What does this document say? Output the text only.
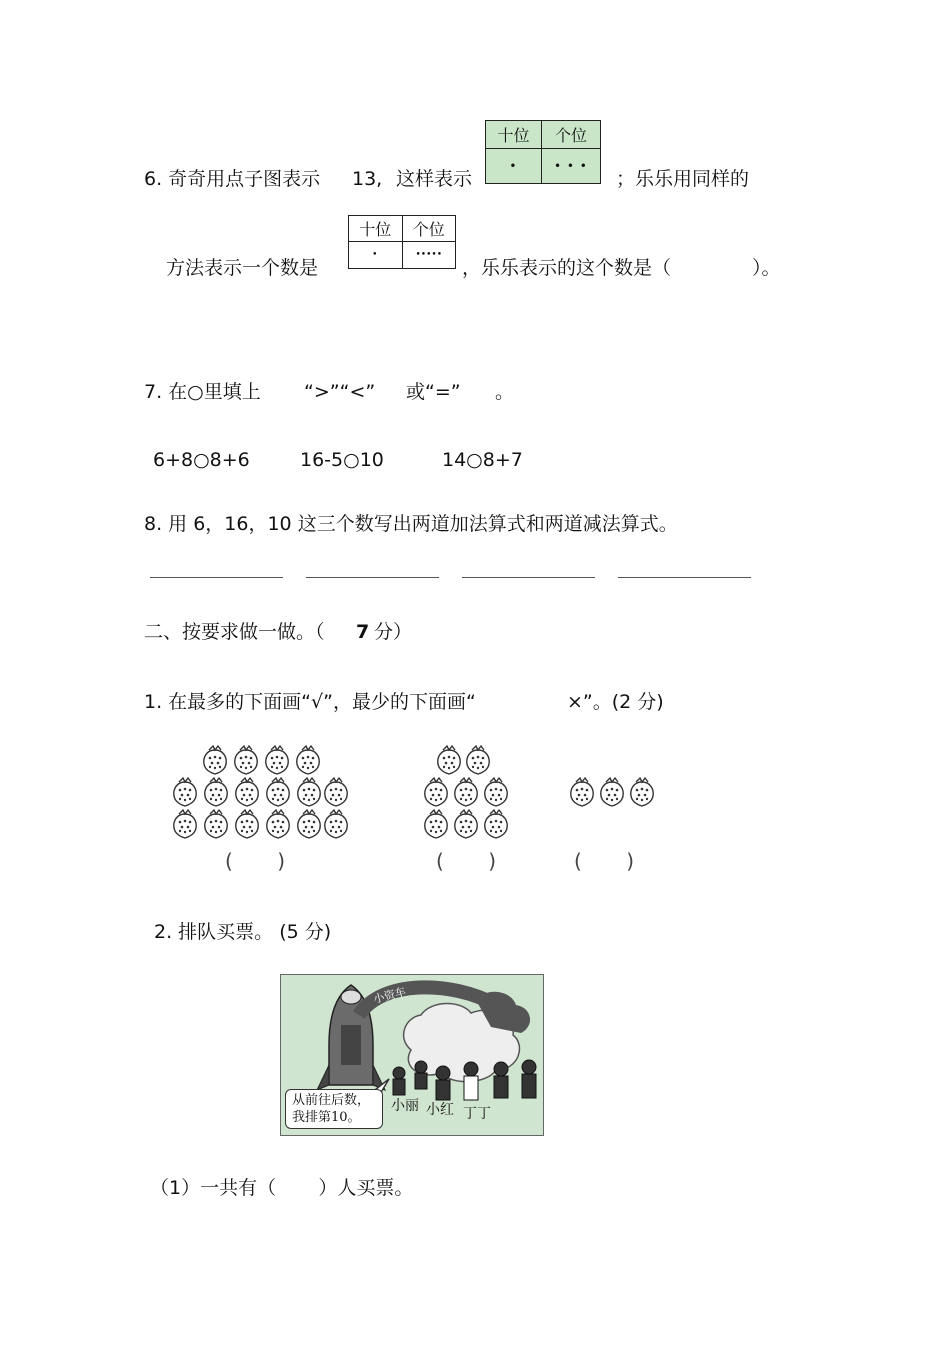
6. 奇奇用点子图表示 13, 这样表示
十位	个位
•	• • •
；乐乐用同样的
方法表示一个数是
十位	个位
•	•••••
，乐乐表示的这个数是（	）。
7. 在○里填上 “>”“<” 或“=” 。
6+8○8+6	16-5○10	14○8+7
8. 用 6，16，10 这三个数写出两道加法算式和两道减法算式。
二、按要求做一做。（ 7
分）
1. 在最多的下面画“√”，最少的下面画“	×”。(2 分)
(       )	(       )	(       )
2. 排队买票。 (5 分)
小资车
从前往后数，
我排第10。
小丽 小红 丁丁
（1）一共有（       ）人买票。
